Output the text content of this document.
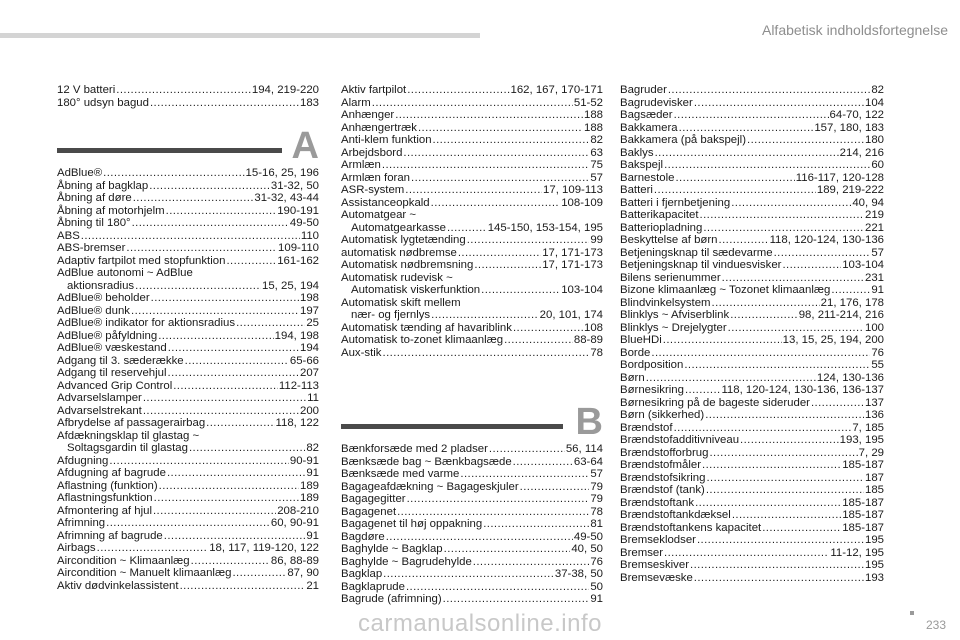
Alfabetisk indholdsfortegnelse
12 V batteri .....	194, 219-220
180° udsyn bagud .....	183
A
AdBlue® .....	15-16, 25, 196
Åbning af bagklap .....	31-32, 50
Åbning af døre .....	31-32, 43-44
Åbning af motorhjelm .....	190-191
Åbning til 180° .....	49-50
ABS .....	110
ABS-bremser .....	109-110
Adaptiv fartpilot med stopfunktion .....	161-162
AdBlue autonomi ~ AdBlue
aktionsradius .....	15, 25, 194
AdBlue® beholder .....	198
AdBlue® dunk .....	197
AdBlue® indikator for aktionsradius .....	25
AdBlue® påfyldning .....	194, 198
AdBlue® væskestand .....	194
Adgang til 3. sæderække .....	65-66
Adgang til reservehjul .....	207
Advanced Grip Control .....	112-113
Advarselslamper .....	11
Advarselstrekant .....	200
Afbrydelse af passagerairbag .....	118, 122
Afdækningsklap til glastag ~
Soltagsgardin til glastag .....	82
Afdugning .....	90-91
Afdugning af bagrude .....	91
Aflastning (funktion) .....	189
Aflastningsfunktion .....	189
Afmontering af hjul .....	208-210
Afrimning .....	60, 90-91
Afrimning af bagrude .....	91
Airbags .....	18, 117, 119-120, 122
Aircondition ~ Klimaanlæg .....	86, 88-89
Aircondition ~ Manuelt klimaanlæg .....	87, 90
Aktiv dødvinkelassistent .....	21
Aktiv fartpilot .....	162, 167, 170-171
Alarm .....	51-52
Anhænger .....	188
Anhængertræk .....	188
Anti-klem funktion .....	82
Arbejdsbord .....	63
Armlæn .....	75
Armlæn foran .....	57
ASR-system .....	17, 109-113
Assistanceopkald .....	108-109
Automatgear ~
Automatgearkasse .....	145-150, 153-154, 195
Automatisk lygtetænding .....	99
automatisk nødbremse .....	17, 171-173
Automatisk nødbremsning .....	17, 171-173
Automatisk rudevisk ~
Automatisk viskerfunktion .....	103-104
Automatisk skift mellem
nær- og fjernlys .....	20, 101, 174
Automatisk tænding af havariblink .....	108
Automatisk to-zonet klimaanlæg .....	88-89
Aux-stik .....	78
B
Bænkforsæde med 2 pladser .....	56, 114
Bænksæde bag ~ Bænkbagsæde .....	63-64
Bænksæde med varme .....	57
Bagageafdækning ~ Bagageskjuler .....	79
Bagagegitter .....	79
Bagagenet .....	78
Bagagenet til høj oppakning .....	81
Bagdøre .....	49-50
Baghylde ~ Bagklap .....	40, 50
Baghylde ~ Bagrudehylde .....	76
Bagklap .....	37-38, 50
Bagklaprude .....	50
Bagrude (afrimning) .....	91
Bagruder .....	82
Bagrudevisker .....	104
Bagsæder .....	64-70, 122
Bakkamera .....	157, 180, 183
Bakkamera (på bakspejl) .....	180
Baklys .....	214, 216
Bakspejl .....	60
Barnestole .....	116-117, 120-128
Batteri .....	189, 219-222
Batteri i fjernbetjening .....	40, 94
Batterikapacitet .....	219
Batteriopladning .....	221
Beskyttelse af børn .....	118, 120-124, 130-136
Betjeningsknap til sædevarme .....	57
Betjeningsknap til vinduesvisker .....	103-104
Bilens serienummer .....	231
Bizone klimaanlæg ~ Tozonet klimaanlæg .....	91
Blindvinkelsystem .....	21, 176, 178
Blinklys ~ Afviserblink .....	98, 211-214, 216
Blinklys ~ Drejelygter .....	100
BlueHDi .....	13, 15, 25, 194, 200
Borde .....	76
Bordposition .....	55
Børn .....	124, 130-136
Børnesikring .....	118, 120-124, 130-136, 136-137
Børnesikring på de bageste sideruder .....	137
Børn (sikkerhed) .....	136
Brændstof .....	7, 185
Brændstofadditivniveau .....	193, 195
Brændstofforbrug .....	7, 29
Brændstofmåler .....	185-187
Brændstofsikring .....	187
Brændstof (tank) .....	185
Brændstoftank .....	185-187
Brændstoftankdæksel .....	185-187
Brændstoftankens kapacitet .....	185-187
Bremseklodser .....	195
Bremser .....	11-12, 195
Bremseskiver .....	195
Bremsevæske .....	193
233
carmanualsonline.info
